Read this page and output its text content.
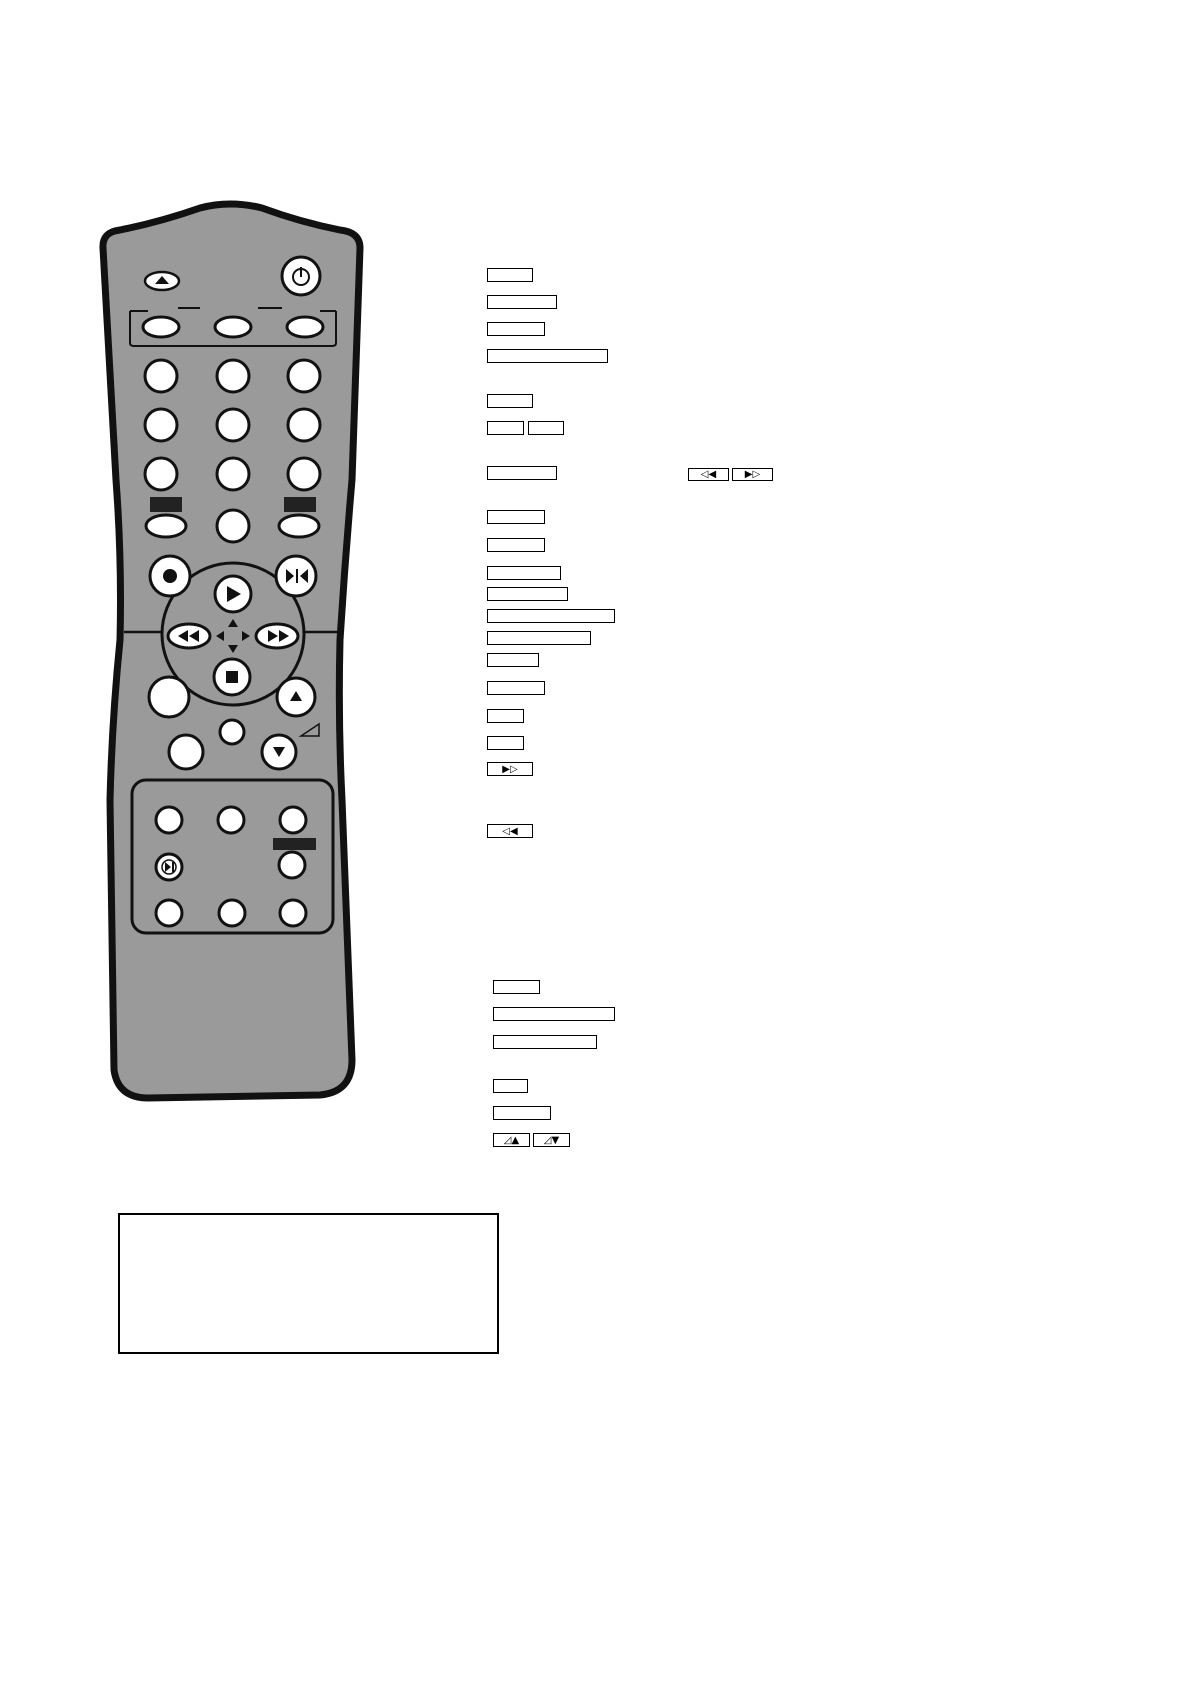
◁◀	▶▷
▶▷
◁◀
◿▲ ◿▼
